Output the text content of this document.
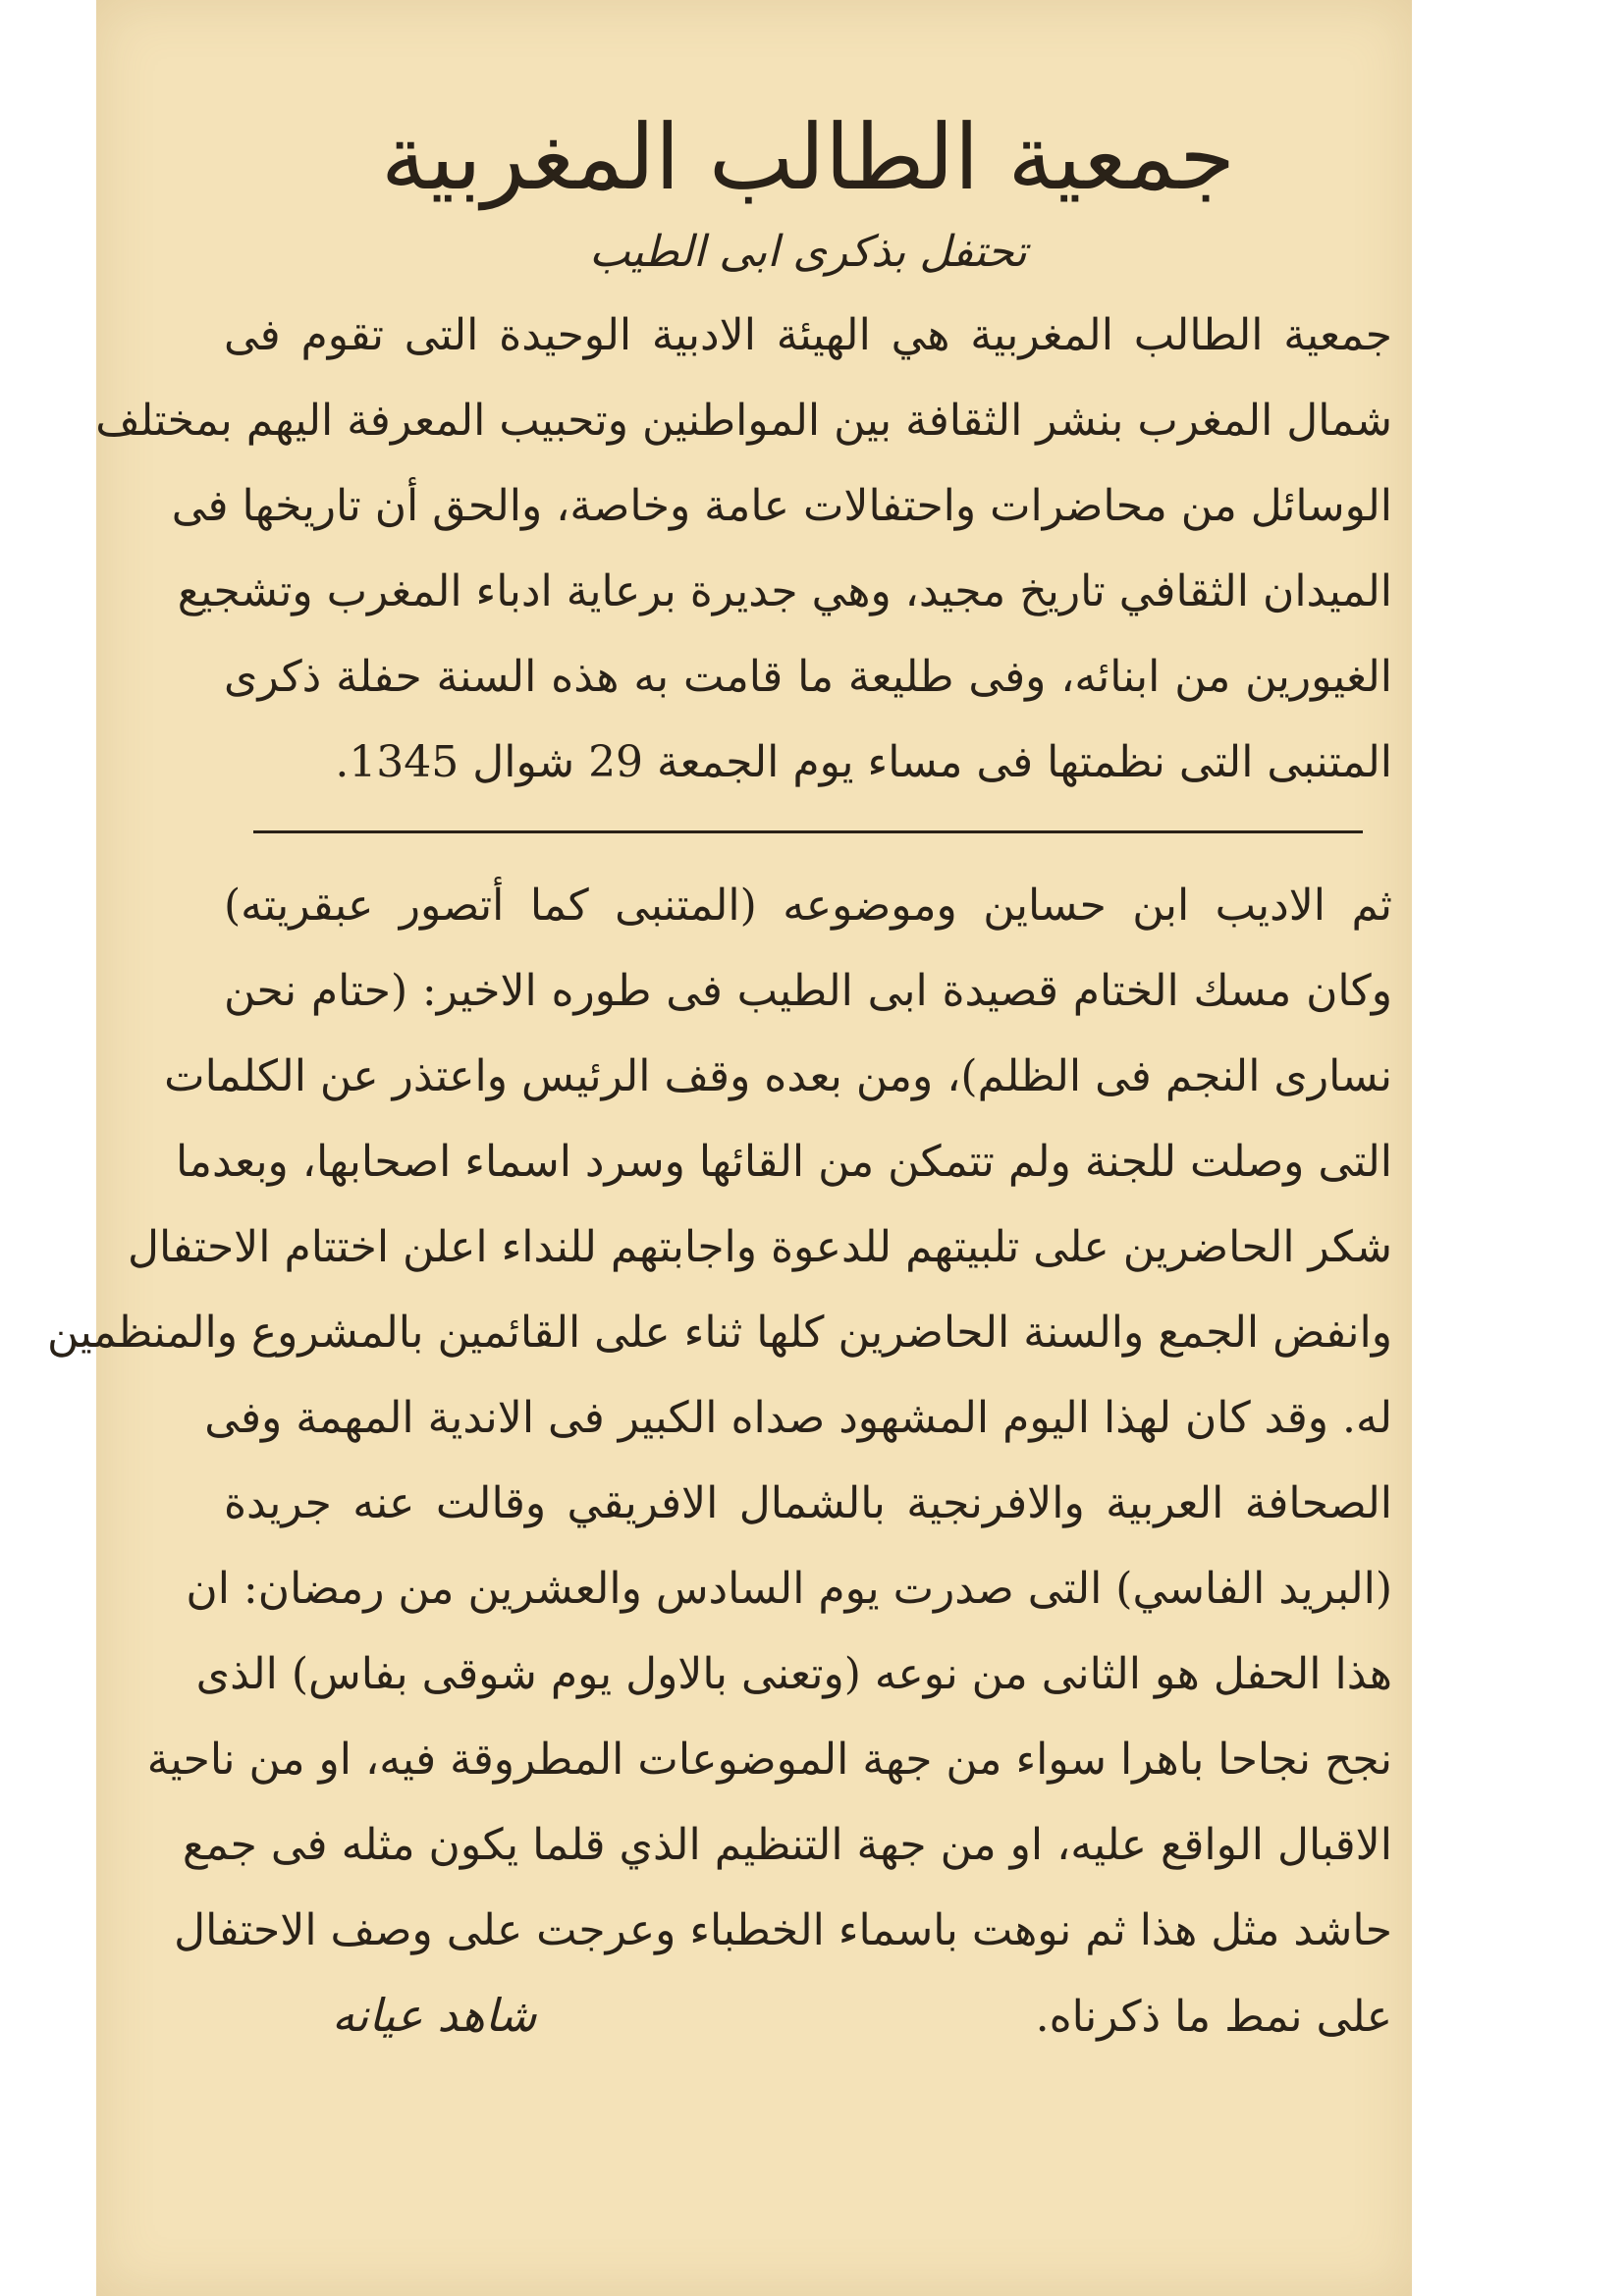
جمعية الطالب المغربية
تحتفل بذكرى ابى الطيب
جمعية الطالب المغربية هي الهيئة الادبية الوحيدة التى تقوم فى
شمال المغرب بنشر الثقافة بين المواطنين وتحبيب المعرفة اليهم بمختلف
الوسائل من محاضرات واحتفالات عامة وخاصة، والحق أن تاريخها فى
الميدان الثقافي تاريخ مجيد، وهي جديرة برعاية ادباء المغرب وتشجيع
الغيورين من ابنائه، وفى طليعة ما قامت به هذه السنة حفلة ذكرى
المتنبى التى نظمتها فى مساء يوم الجمعة 29 شوال 1345.
ثم الاديب ابن حساين وموضوعه (المتنبى كما أتصور عبقريته)
وكان مسك الختام قصيدة ابى الطيب فى طوره الاخير: (حتام نحن
نسارى النجم فى الظلم)، ومن بعده وقف الرئيس واعتذر عن الكلمات
التى وصلت للجنة ولم تتمكن من القائها وسرد اسماء اصحابها، وبعدما
شكر الحاضرين على تلبيتهم للدعوة واجابتهم للنداء اعلن اختتام الاحتفال
وانفض الجمع والسنة الحاضرين كلها ثناء على القائمين بالمشروع والمنظمين
له. وقد كان لهذا اليوم المشهود صداه الكبير فى الاندية المهمة وفى
الصحافة العربية والافرنجية بالشمال الافريقي وقالت عنه جريدة
(البريد الفاسي) التى صدرت يوم السادس والعشرين من رمضان: ان
هذا الحفل هو الثانى من نوعه (وتعنى بالاول يوم شوقى بفاس) الذى
نجح نجاحا باهرا سواء من جهة الموضوعات المطروقة فيه، او من ناحية
الاقبال الواقع عليه، او من جهة التنظيم الذي قلما يكون مثله فى جمع
حاشد مثل هذا ثم نوهت باسماء الخطباء وعرجت على وصف الاحتفال
على نمط ما ذكرناه.
شاهد عيانه
